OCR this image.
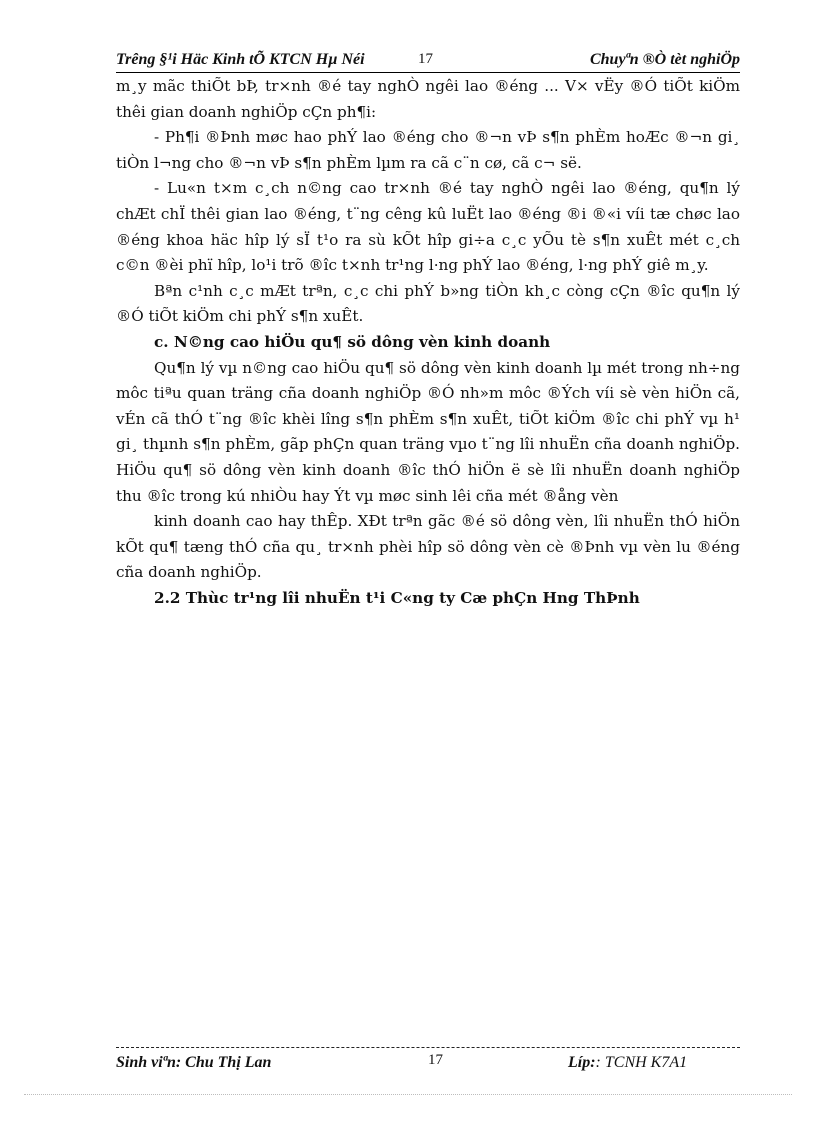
Trêng §¹i Häc Kinh tÕ KTCN Hµ Néi	17	Chuyªn ®Ò tèt nghiÖp

m¸y mãc thiÕt bÞ, tr×nh ®é tay nghÒ ngêi lao ®éng ... V× vËy ®Ó tiÕt kiÖm thêi gian doanh nghiÖp cÇn ph¶i:

- Ph¶i ®Þnh møc hao phÝ lao ®éng cho ®¬n vÞ s¶n phÈm hoÆc ®¬n gi¸ tiÒn l¬ng cho ®¬n vÞ s¶n phÈm lµm ra cã c¨n cø, cã c¬ së.

- Lu«n t×m c¸ch n©ng cao tr×nh ®é tay nghÒ ngêi lao ®éng, qu¶n lý chÆt chÏ thêi gian lao ®éng, t¨ng cêng kû luËt lao ®éng ®i ®«i víi tæ chøc lao ®éng khoa häc hîp lý sÏ t¹o ra sù kÕt hîp gi÷a c¸c yÕu tè s¶n xuÊt mét c¸ch c©n ®èi phï hîp, lo¹i trõ ®îc t×nh tr¹ng l·ng phÝ lao ®éng, l·ng phÝ giê m¸y.

Bªn c¹nh c¸c mÆt trªn, c¸c chi phÝ b»ng tiÒn kh¸c còng cÇn ®îc qu¶n lý ®Ó tiÕt kiÖm chi phÝ s¶n xuÊt.

c. N©ng cao hiÖu qu¶ sö dông vèn kinh doanh

Qu¶n lý vµ n©ng cao hiÖu qu¶ sö dông vèn kinh doanh lµ mét trong nh÷ng môc tiªu quan träng cña doanh nghiÖp ®Ó nh»m môc ®Ých víi sè vèn hiÖn cã, vÉn cã thÓ t¨ng ®îc khèi lîng s¶n phÈm s¶n xuÊt, tiÕt kiÖm ®îc chi phÝ vµ h¹ gi¸ thµnh s¶n phÈm, gãp phÇn quan träng vµo t¨ng lîi nhuËn cña doanh nghiÖp. HiÖu qu¶ sö dông vèn kinh doanh ®îc thÓ hiÖn ë sè lîi nhuËn doanh nghiÖp thu ®îc trong kú nhiÒu hay Ýt vµ møc sinh lêi cña mét ®ång vèn

kinh doanh cao hay thÊp. XÐt trªn gãc ®é sö dông vèn, lîi nhuËn thÓ hiÖn kÕt qu¶ tæng thÓ cña qu¸ tr×nh phèi hîp sö dông vèn cè ®Þnh vµ vèn lu ®éng cña doanh nghiÖp.

2.2 Thùc tr¹ng lîi nhuËn t¹i C«ng ty Cæ phÇn Hng ThÞnh

Sinh viªn: Chu Thị Lan	17	Líp:: TCNH K7A1
